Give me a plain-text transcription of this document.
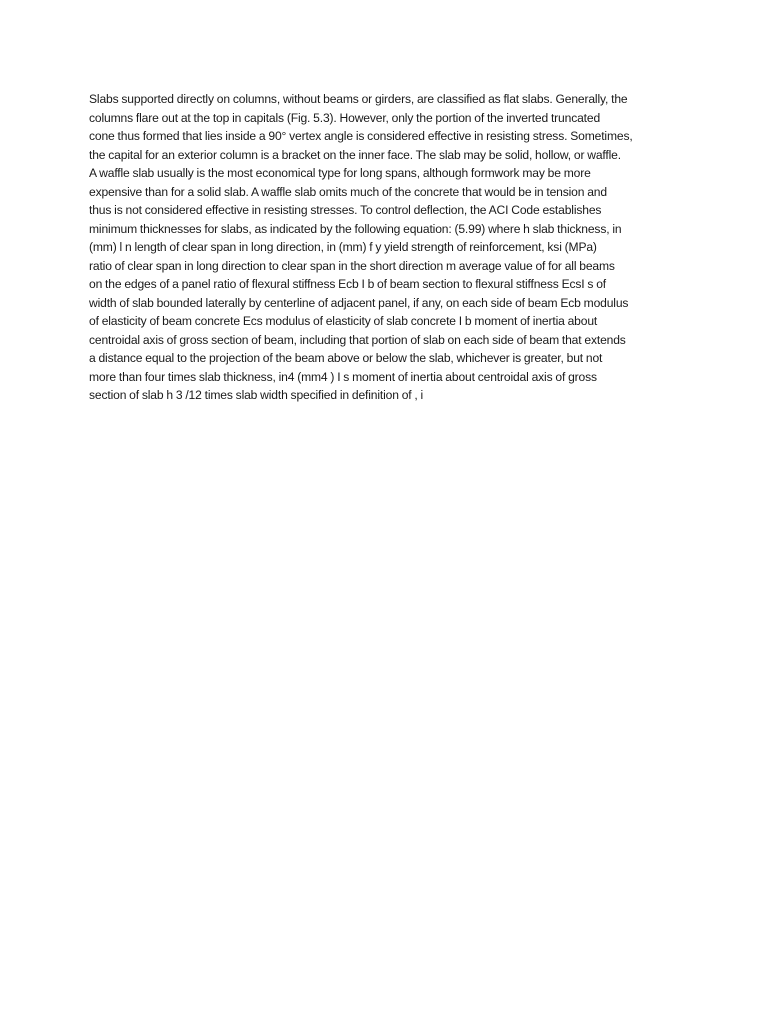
Slabs supported directly on columns, without beams or girders, are classified as flat slabs. Generally, the
columns flare out at the top in capitals (Fig. 5.3). However, only the portion of the inverted truncated
cone thus formed that lies inside a 90° vertex angle is considered effective in resisting stress. Sometimes,
the capital for an exterior column is a bracket on the inner face. The slab may be solid, hollow, or waffle.
A waffle slab usually is the most economical type for long spans, although formwork may be more
expensive than for a solid slab. A waffle slab omits much of the concrete that would be in tension and
thus is not considered effective in resisting stresses. To control deflection, the ACI Code establishes
minimum thicknesses for slabs, as indicated by the following equation: (5.99) where h slab thickness, in
(mm) l n length of clear span in long direction, in (mm) f y yield strength of reinforcement, ksi (MPa)
ratio of clear span in long direction to clear span in the short direction m average value of for all beams
on the edges of a panel ratio of flexural stiffness Ecb I b of beam section to flexural stiffness EcsI s of
width of slab bounded laterally by centerline of adjacent panel, if any, on each side of beam Ecb modulus
of elasticity of beam concrete Ecs modulus of elasticity of slab concrete I b moment of inertia about
centroidal axis of gross section of beam, including that portion of slab on each side of beam that extends
a distance equal to the projection of the beam above or below the slab, whichever is greater, but not
more than four times slab thickness, in4 (mm4 ) I s moment of inertia about centroidal axis of gross
section of slab h 3 /12 times slab width specified in definition of , i
